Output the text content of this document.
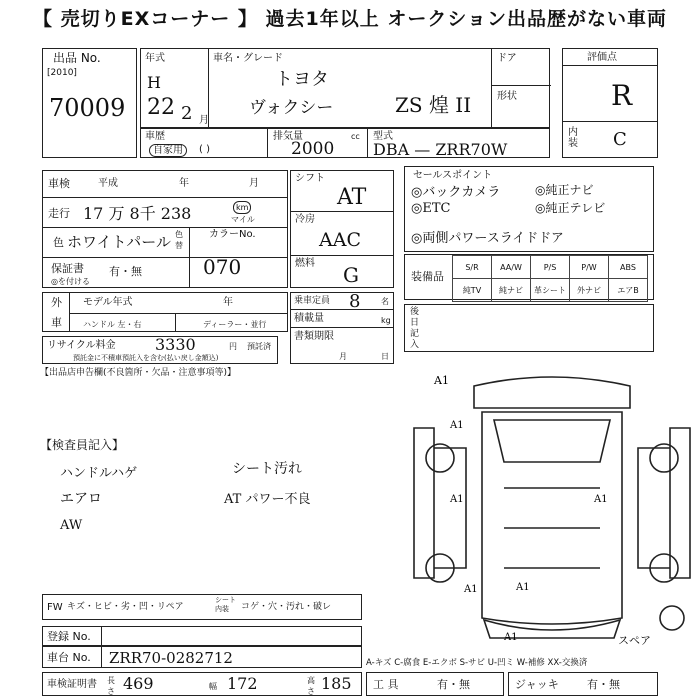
【 売切りEXコーナー 】 過去1年以上 オークション出品歴がない車両
出品 No.
[2010]
70009
年式
H
22 2 月
車名・グレード
トヨタ
ヴォクシー	ZS 煌 II
ドア
形状
評価点
R
内
装 C
車歴
自家用	( )
排気量	cc
2000
型式
DBA — ZRR70W
車検	平成	年	月
走行 17 万 8千 238	km
マイル
色 ホワイトパール 色替
カラーNo.
070
保証書 有・無
◎を付ける
シフト
AT
冷房
AAC
燃料 G
外
車
モデル年式	年
ハンドル 左・右	ディーラー・並行
乗車定員 8	名
積載量	kg
書類期限
月	日
リサイクル料金 3330	円 預託済
預託金に不積車預託入を含む(払い戻し金額込)
【出品店申告欄(不良箇所・欠品・注意事項等)】
セールスポイント
◎バックカメラ
◎ETC
◎両側パワースライドドア
◎純正ナビ
◎純正テレビ
装備品
S/R	AA/W	P/S	P/W	ABS
純TV	純ナビ	革シート	外ナビ	エアB
後
日
記
入
【検査員記入】
ハンドルハゲ	シート汚れ
エアロ
AW
AT パワー不良
A1
A1
A1	A1
A1	A1
A1	スペア
FW キズ・ヒビ・劣・凹・リペア
シート
内装	コゲ・穴・汚れ・破レ
登録 No.
車台 No. ZRR70-0282712	A-キズ C-腐食 E-エクボ S-サビ U-凹ミ W-補修 XX-交換済
車検証明書 長さ 469	幅 172	高さ 185 工 具	有・無	ジャッキ	有・無
